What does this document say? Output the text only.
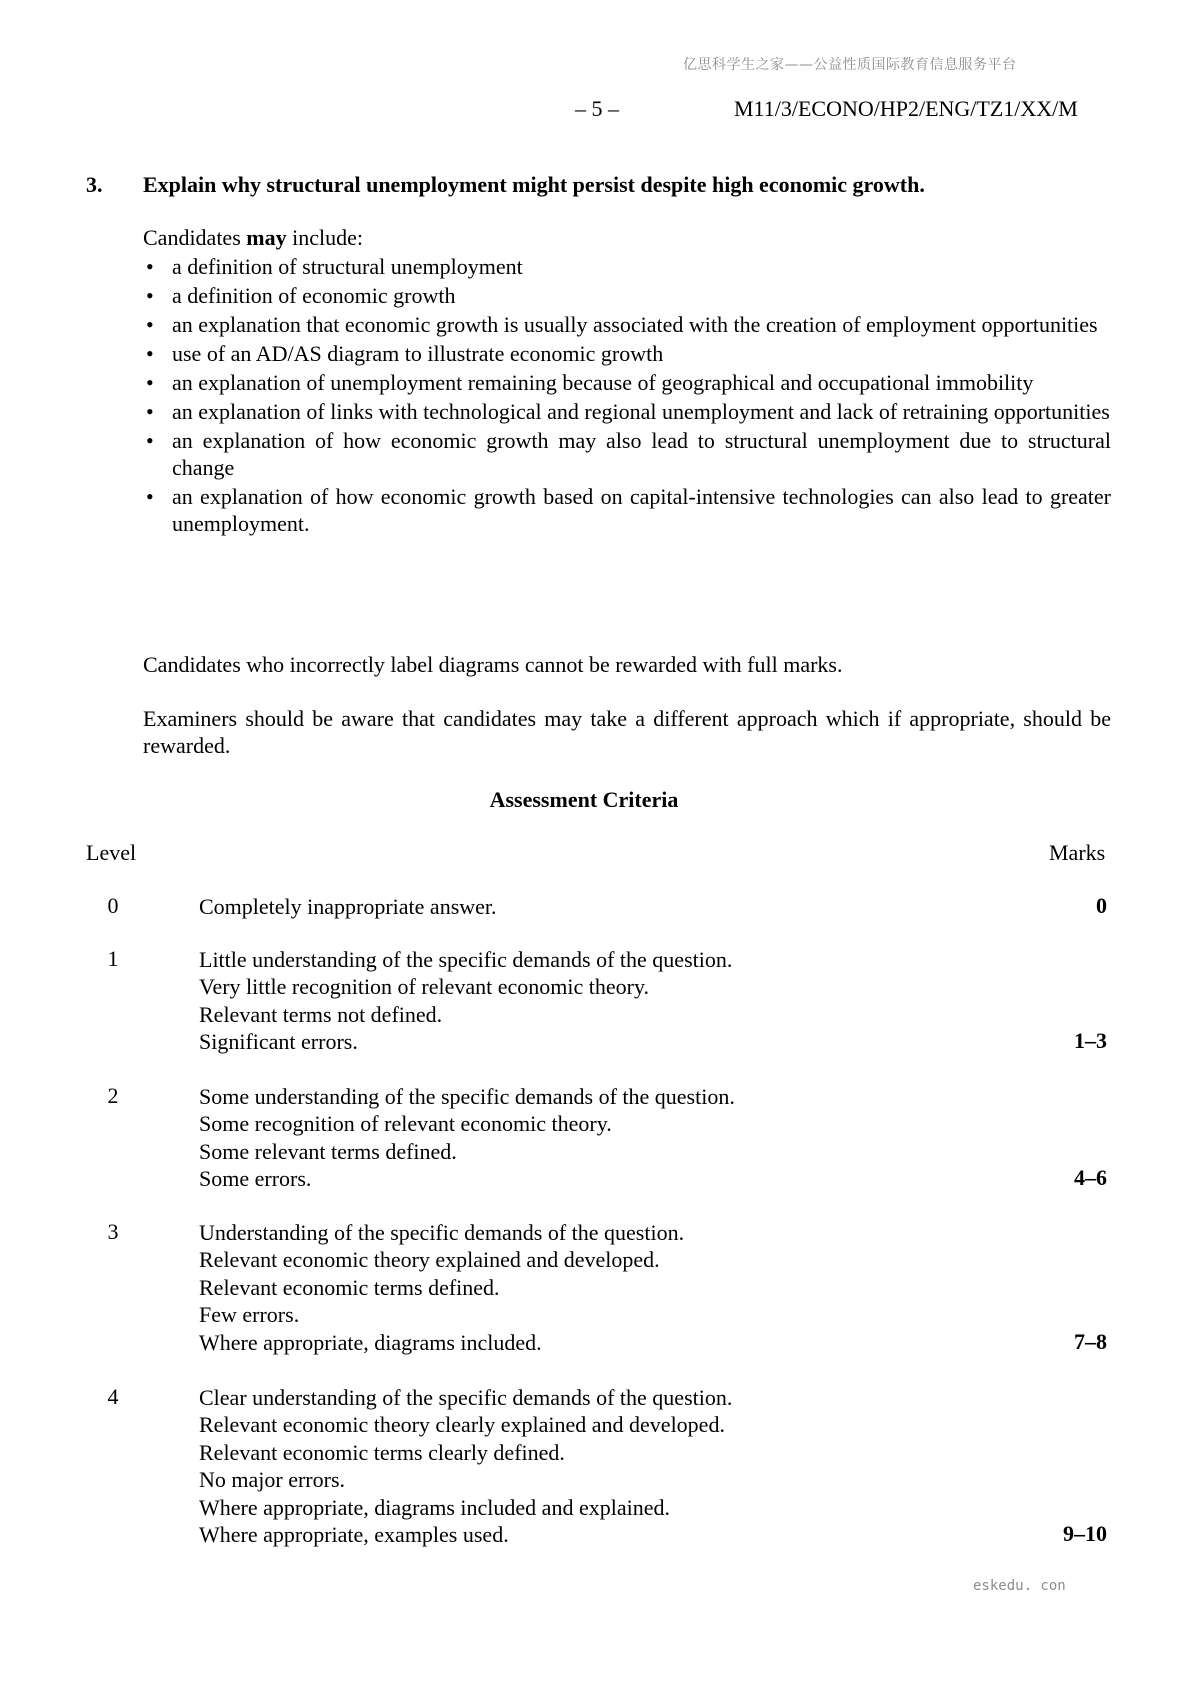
亿思科学生之家——公益性质国际教育信息服务平台
– 5 –	M11/3/ECONO/HP2/ENG/TZ1/XX/M
3. Explain why structural unemployment might persist despite high economic growth.
Candidates may include:
• a definition of structural unemployment
• a definition of economic growth
• an explanation that economic growth is usually associated with the creation of employment opportunities
• use of an AD/AS diagram to illustrate economic growth
• an explanation of unemployment remaining because of geographical and occupational immobility
• an explanation of links with technological and regional unemployment and lack of retraining opportunities
• an explanation of how economic growth may also lead to structural unemployment due to structural change
• an explanation of how economic growth based on capital-intensive technologies can also lead to greater unemployment.
Candidates who incorrectly label diagrams cannot be rewarded with full marks.
Examiners should be aware that candidates may take a different approach which if appropriate, should be rewarded.
Assessment Criteria
Level	Marks
0	Completely inappropriate answer.	0
1	Little understanding of the specific demands of the question.
Very little recognition of relevant economic theory.
Relevant terms not defined.
Significant errors.	1–3
2	Some understanding of the specific demands of the question.
Some recognition of relevant economic theory.
Some relevant terms defined.
Some errors.	4–6
3	Understanding of the specific demands of the question.
Relevant economic theory explained and developed.
Relevant economic terms defined.
Few errors.
Where appropriate, diagrams included.	7–8
4	Clear understanding of the specific demands of the question.
Relevant economic theory clearly explained and developed.
Relevant economic terms clearly defined.
No major errors.
Where appropriate, diagrams included and explained.
Where appropriate, examples used.	9–10
eskedu. con
